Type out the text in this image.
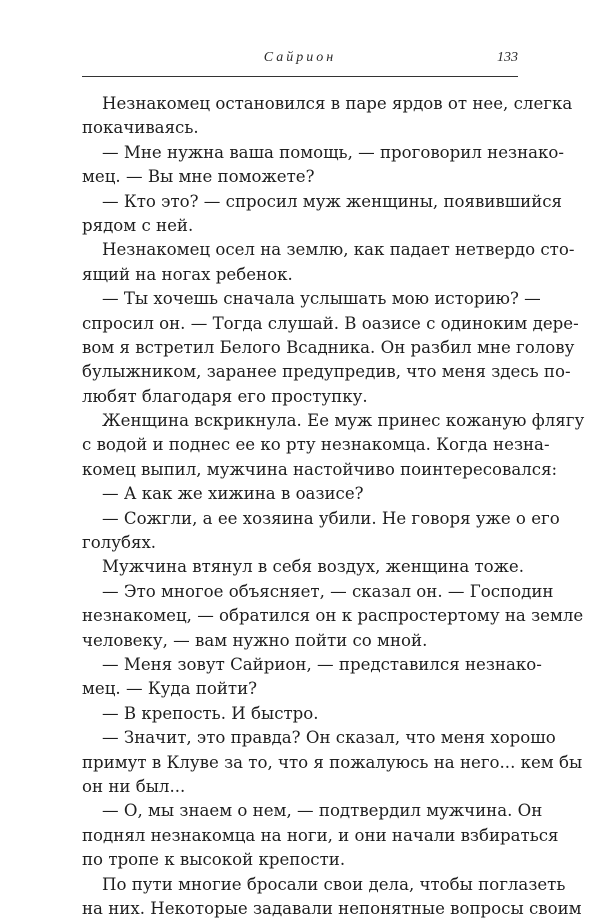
Сайрион	133
Незнакомец остановился в паре ярдов от нее, слегка
покачиваясь.
— Мне нужна ваша помощь, — проговорил незнако-
мец. — Вы мне поможете?
— Кто это? — спросил муж женщины, появившийся
рядом с ней.
Незнакомец осел на землю, как падает нетвердо сто-
ящий на ногах ребенок.
— Ты хочешь сначала услышать мою историю? —
спросил он. — Тогда слушай. В оазисе с одиноким дере-
вом я встретил Белого Всадника. Он разбил мне голову
булыжником, заранее предупредив, что меня здесь по-
любят благодаря его проступку.
Женщина вскрикнула. Ее муж принес кожаную флягу
с водой и поднес ее ко рту незнакомца. Когда незна-
комец выпил, мужчина настойчиво поинтересовался:
— А как же хижина в оазисе?
— Сожгли, а ее хозяина убили. Не говоря уже о его
голубях.
Мужчина втянул в себя воздух, женщина тоже.
— Это многое объясняет, — сказал он. — Господин
незнакомец, — обратился он к распростертому на земле
человеку, — вам нужно пойти со мной.
— Меня зовут Сайрион, — представился незнако-
мец. — Куда пойти?
— В крепость. И быстро.
— Значит, это правда? Он сказал, что меня хорошо
примут в Клуве за то, что я пожалуюсь на него... кем бы
он ни был...
— О, мы знаем о нем, — подтвердил мужчина. Он
поднял незнакомца на ноги, и они начали взбираться
по тропе к высокой крепости.
По пути многие бросали свои дела, чтобы поглазеть
на них. Некоторые задавали непонятные вопросы своим
